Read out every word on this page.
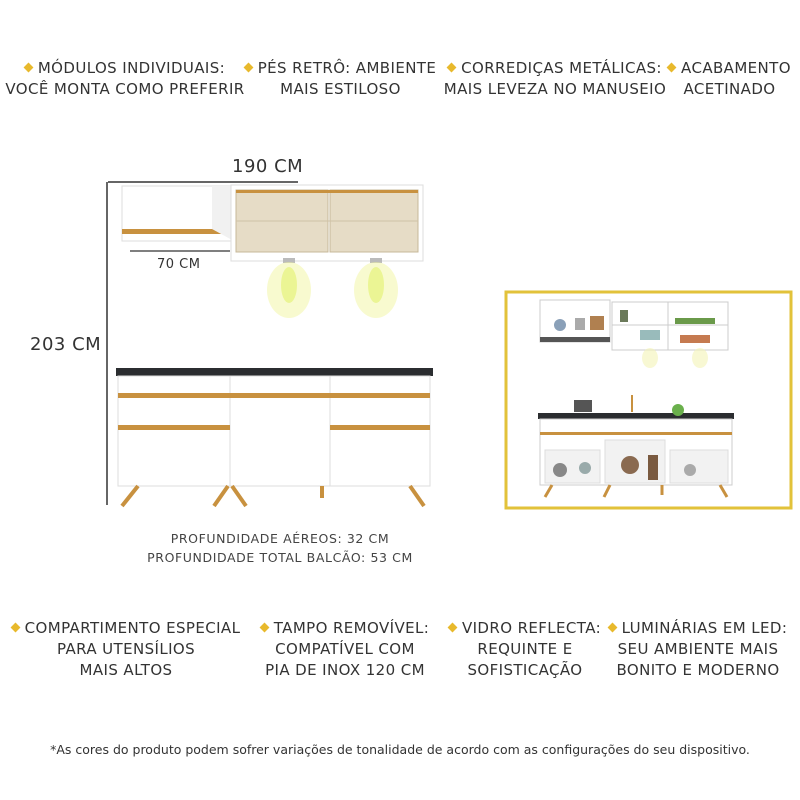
MÓDULOS INDIVIDUAIS:
VOCÊ MONTA COMO PREFERIR
PÉS RETRÔ: AMBIENTE
MAIS ESTILOSO
CORREDIÇAS METÁLICAS:
MAIS LEVEZA NO MANUSEIO
ACABAMENTO
ACETINADO
190 CM
203 CM
70 CM
PROFUNDIDADE AÉREOS: 32 CM
PROFUNDIDADE TOTAL BALCÃO: 53 CM
COMPARTIMENTO ESPECIAL
PARA UTENSÍLIOS
MAIS ALTOS
TAMPO REMOVÍVEL:
COMPATÍVEL COM
PIA DE INOX 120 CM
VIDRO REFLECTA:
REQUINTE E
SOFISTICAÇÃO
LUMINÁRIAS EM LED:
SEU AMBIENTE MAIS
BONITO E MODERNO
*As cores do produto podem sofrer variações de tonalidade de acordo com as configurações do seu dispositivo.
